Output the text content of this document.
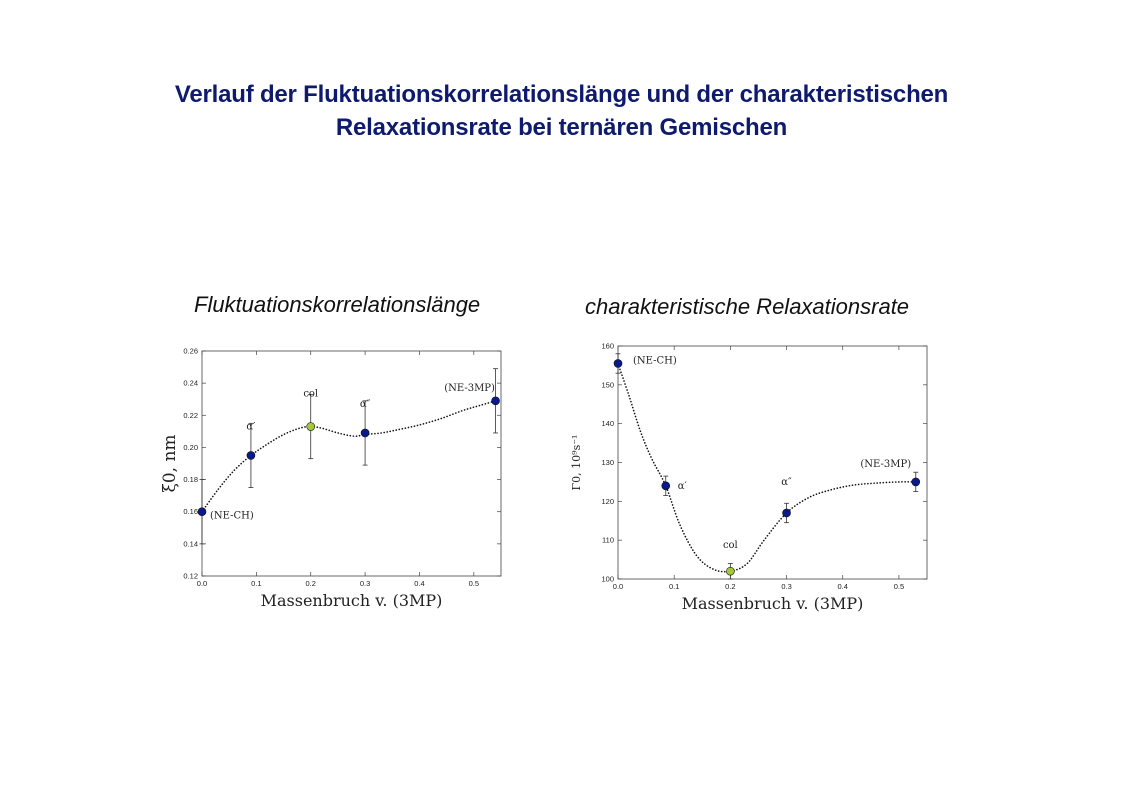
Verlauf der Fluktuationskorrelationslänge und der charakteristischen
Relaxationsrate bei ternären Gemischen
Fluktuationskorrelationslänge	charakteristische Relaxationsrate
0.0	0.1	0.2	0.3	0.4	0.5
0.12
0.14
0.16
0.18
0.20
0.22
0.24
0.26
(NE-CH)
α′
col
α″
(NE-3MP)
Massenbruch v. (3MP)
ξ0, nm
0.0	0.1	0.2	0.3	0.4	0.5
100
110
120
130
140
150
160
(NE-CH)
α′
col
α″
(NE-3MP)
Massenbruch v. (3MP)
Γ0, 10⁹s⁻¹
